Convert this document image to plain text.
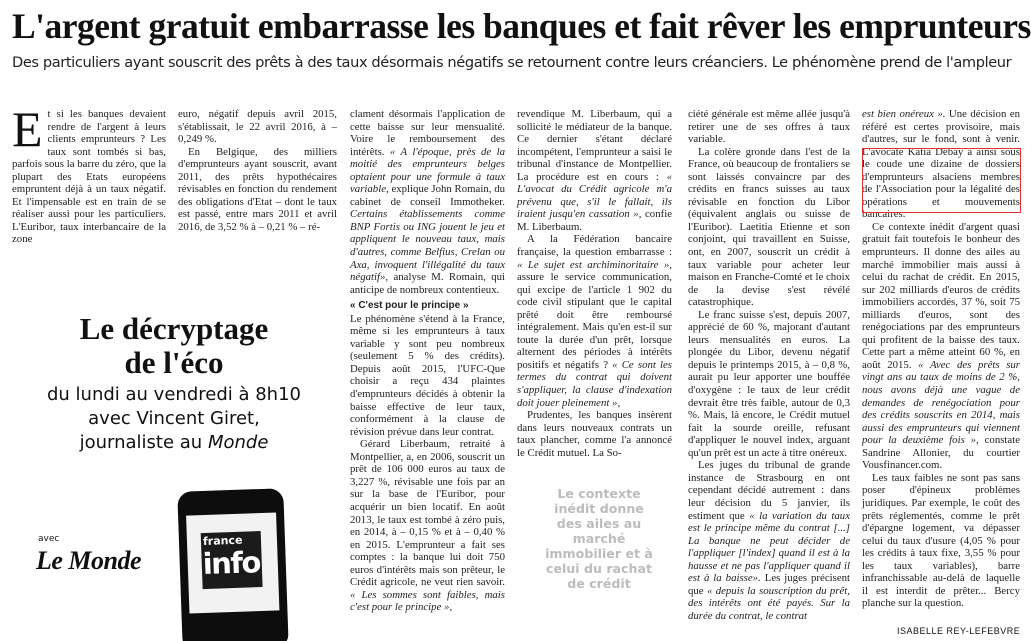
L'argent gratuit embarrasse les banques et fait rêver les emprunteurs
Des particuliers ayant souscrit des prêts à des taux désormais négatifs se retournent contre leurs créanciers. Le phénomène prend de l'ampleur

Et si les banques devaient rendre de l'argent à leurs clients emprunteurs ? Les taux sont tombés si bas, parfois sous la barre du zéro, que la plupart des Etats européens empruntent déjà à un taux négatif. Et l'impensable est en train de se réaliser aussi pour les particuliers. L'Euribor, taux interbancaire de la zone

euro, négatif depuis avril 2015, s'établissait, le 22 avril 2016, à – 0,249 %.

En Belgique, des milliers d'emprunteurs ayant souscrit, avant 2011, des prêts hypothécaires révisables en fonction du rendement des obligations d'Etat – dont le taux est passé, entre mars 2011 et avril 2016, de 3,52 % à – 0,21 % – ré-

clament désormais l'application de cette baisse sur leur mensualité. Voire le remboursement des intérêts. « A l'époque, près de la moitié des emprunteurs belges optaient pour une formule à taux variable, explique John Romain, du cabinet de conseil Immotheker. Certains établissements comme BNP Fortis ou ING jouent le jeu et appliquent le nouveau taux, mais d'autres, comme Belfius, Crelan ou Axa, invoquent l'illégalité du taux négatif», analyse M. Romain, qui anticipe de nombreux contentieux.

« C'est pour le principe »

Le phénomène s'étend à la France, même si les emprunteurs à taux variable y sont peu nombreux (seulement 5 % des crédits). Depuis août 2015, l'UFC-Que choisir a reçu 434 plaintes d'emprunteurs décidés à obtenir la baisse effective de leur taux, conformément à la clause de révision prévue dans leur contrat.

Gérard Liberbaum, retraité à Montpellier, a, en 2006, souscrit un prêt de 106 000 euros au taux de 3,227 %, révisable une fois par an sur la base de l'Euribor, pour acquérir un bien locatif. En août 2013, le taux est tombé à zéro puis, en 2014, à – 0,15 % et à – 0,40 % en 2015. L'emprunteur a fait ses comptes : la banque lui doit 750 euros d'intérêts mais son prêteur, le Crédit agricole, ne veut rien savoir. « Les sommes sont faibles, mais c'est pour le principe »,

revendique M. Liberbaum, qui a sollicité le médiateur de la banque. Ce dernier s'étant déclaré incompétent, l'emprunteur a saisi le tribunal d'instance de Montpellier. La procédure est en cours : « L'avocat du Crédit agricole m'a prévenu que, s'il le fallait, ils iraient jusqu'en cassation », confie M. Liberbaum.

A la Fédération bancaire française, la question embarrasse : « Le sujet est archiminoritaire », assure le service communication, qui excipe de l'article 1 902 du code civil stipulant que le capital prêté doit être remboursé intégralement. Mais qu'en est-il sur toute la durée d'un prêt, lorsque alternent des périodes à intérêts positifs et négatifs ? « Ce sont les termes du contrat qui doivent s'appliquer, la clause d'indexation doit jouer pleinement »,

Prudentes, les banques insèrent dans leurs nouveaux contrats un taux plancher, comme l'a annoncé le Crédit mutuel. La So-

ciété générale est même allée jusqu'à retirer une de ses offres à taux variable.

La colère gronde dans l'est de la France, où beaucoup de frontaliers se sont laissés convaincre par des crédits en francs suisses au taux révisable en fonction du Libor (équivalent anglais ou suisse de l'Euribor). Laetitia Etienne et son conjoint, qui travaillent en Suisse, ont, en 2007, souscrit un crédit à taux variable pour acheter leur maison en Franche-Comté et le choix de la devise s'est révélé catastrophique.

Le franc suisse s'est, depuis 2007, apprécié de 60 %, majorant d'autant leurs mensualités en euros. La plongée du Libor, devenu négatif depuis le printemps 2015, à – 0,8 %, aurait pu leur apporter une bouffée d'oxygène : le taux de leur crédit devrait être très faible, autour de 0,3 %. Mais, là encore, le Crédit mutuel fait la sourde oreille, refusant d'appliquer le nouvel index, arguant qu'un prêt est un acte à titre onéreux.

Les juges du tribunal de grande instance de Strasbourg en ont cependant décidé autrement : dans leur décision du 5 janvier, ils estiment que « la variation du taux est le principe même du contrat [...] La banque ne peut décider de l'appliquer [l'index] quand il est à la hausse et ne pas l'appliquer quand il est à la baisse». Les juges précisent que « depuis la souscription du prêt, des intérêts ont été payés. Sur la durée du contrat, le contrat

est bien onéreux ». Une décision en référé est certes provisoire, mais d'autres, sur le fond, sont à venir. L'avocate Katia Debay a ainsi sous le coude une dizaine de dossiers d'emprunteurs alsaciens membres de l'Association pour la légalité des opérations et mouvements bancaires.

Ce contexte inédit d'argent quasi gratuit fait toutefois le bonheur des emprunteurs. Il donne des ailes au marché immobilier mais aussi à celui du rachat de crédit. En 2015, sur 202 milliards d'euros de crédits immobiliers accordés, 37 %, soit 75 milliards d'euros, sont des renégociations par des emprunteurs qui profitent de la baisse des taux. Cette part a même atteint 60 %, en août 2015. « Avec des prêts sur vingt ans au taux de moins de 2 %, nous avons déjà une vague de demandes de renégociation pour des crédits souscrits en 2014, mais aussi des emprunteurs qui viennent pour la deuxième fois », constate Sandrine Allonier, du courtier Vousfinancer.com.

Les taux faibles ne sont pas sans poser d'épineux problèmes juridiques. Par exemple, le coût des prêts réglementés, comme le prêt d'épargne logement, va dépasser celui du taux d'usure (4,05 % pour les crédits à taux fixe, 3,55 % pour les taux variables), barre infranchissable au-delà de laquelle il est interdit de prêter... Bercy planche sur la question.

Le décryptage
de l'éco
du lundi au vendredi à 8h10
avec Vincent Giret,
journaliste au Monde
avec
Le Monde
france
info
Le contexte inédit donne des ailes au marché immobilier et à celui du rachat de crédit
ISABELLE REY-LEFEBVRE
